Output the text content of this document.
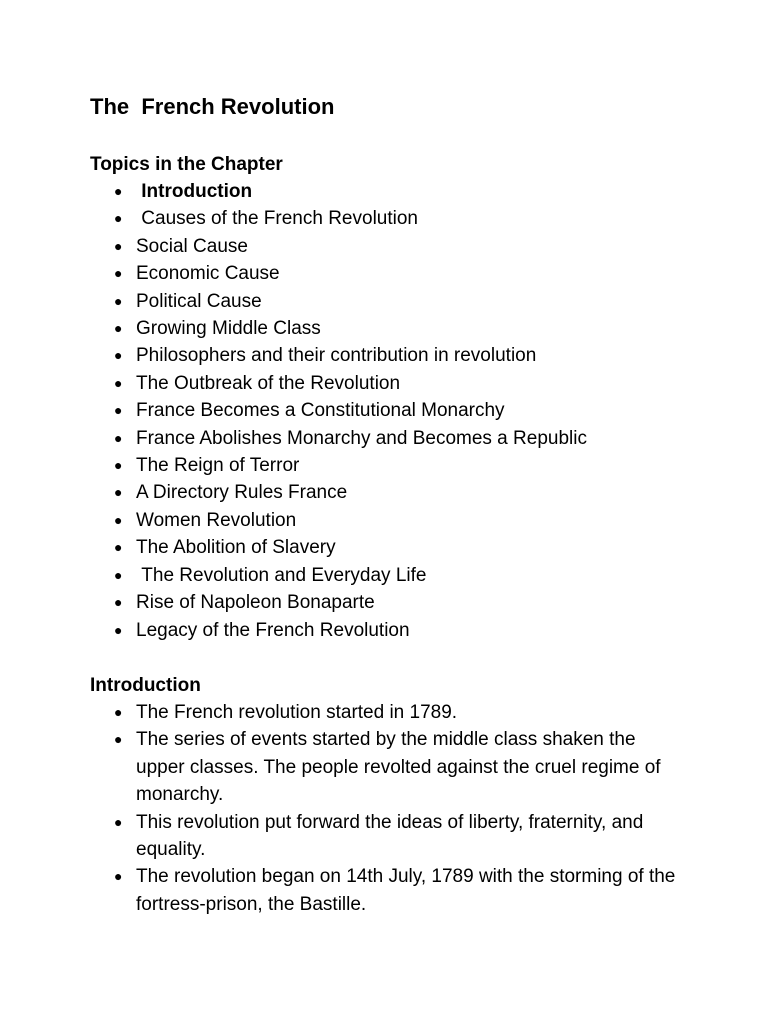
The  French Revolution
Topics in the Chapter
● Introduction
● Causes of the French Revolution
● Social Cause
● Economic Cause
● Political Cause
● Growing Middle Class
● Philosophers and their contribution in revolution
● The Outbreak of the Revolution
● France Becomes a Constitutional Monarchy
● France Abolishes Monarchy and Becomes a Republic
● The Reign of Terror
● A Directory Rules France
● Women Revolution
● The Abolition of Slavery
● The Revolution and Everyday Life
● Rise of Napoleon Bonaparte
● Legacy of the French Revolution
Introduction
● The French revolution started in 1789.
● The series of events started by the middle class shaken the upper classes. The people revolted against the cruel regime of monarchy.
● This revolution put forward the ideas of liberty, fraternity, and equality.
● The revolution began on 14th July, 1789 with the storming of the fortress-prison, the Bastille.
